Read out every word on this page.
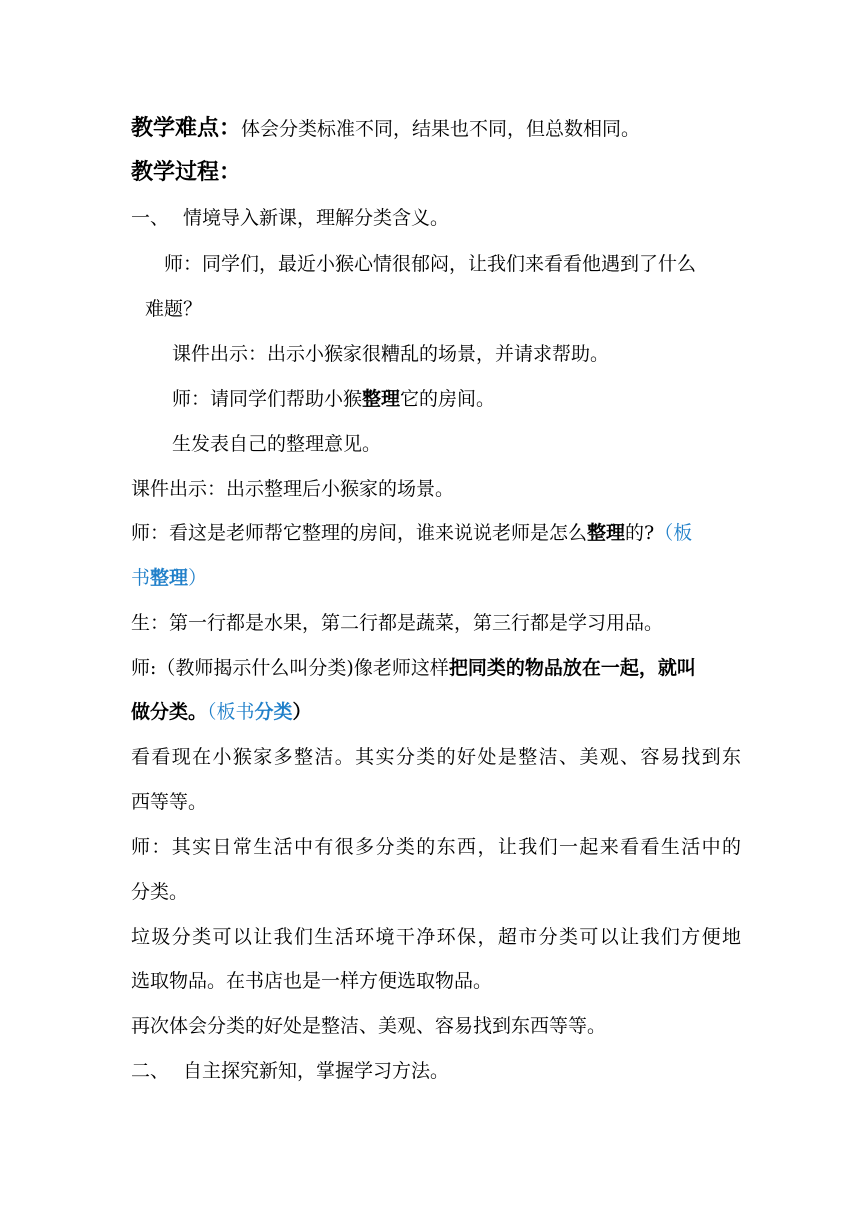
教学难点：体会分类标准不同，结果也不同，但总数相同。
教学过程：
一、 情境导入新课，理解分类含义。
师：同学们，最近小猴心情很郁闷，让我们来看看他遇到了什么
难题？
课件出示：出示小猴家很糟乱的场景，并请求帮助。
师：请同学们帮助小猴整理它的房间。
生发表自己的整理意见。
课件出示：出示整理后小猴家的场景。
师：看这是老师帮它整理的房间，谁来说说老师是怎么整理的?（板
书整理）
生：第一行都是水果，第二行都是蔬菜，第三行都是学习用品。
师:（教师揭示什么叫分类)像老师这样把同类的物品放在一起，就叫
做分类。（板书分类）
看看现在小猴家多整洁。其实分类的好处是整洁、美观、容易找到东
西等等。
师：其实日常生活中有很多分类的东西，让我们一起来看看生活中的
分类。
垃圾分类可以让我们生活环境干净环保，超市分类可以让我们方便地
选取物品。在书店也是一样方便选取物品。
再次体会分类的好处是整洁、美观、容易找到东西等等。
二、 自主探究新知，掌握学习方法。
